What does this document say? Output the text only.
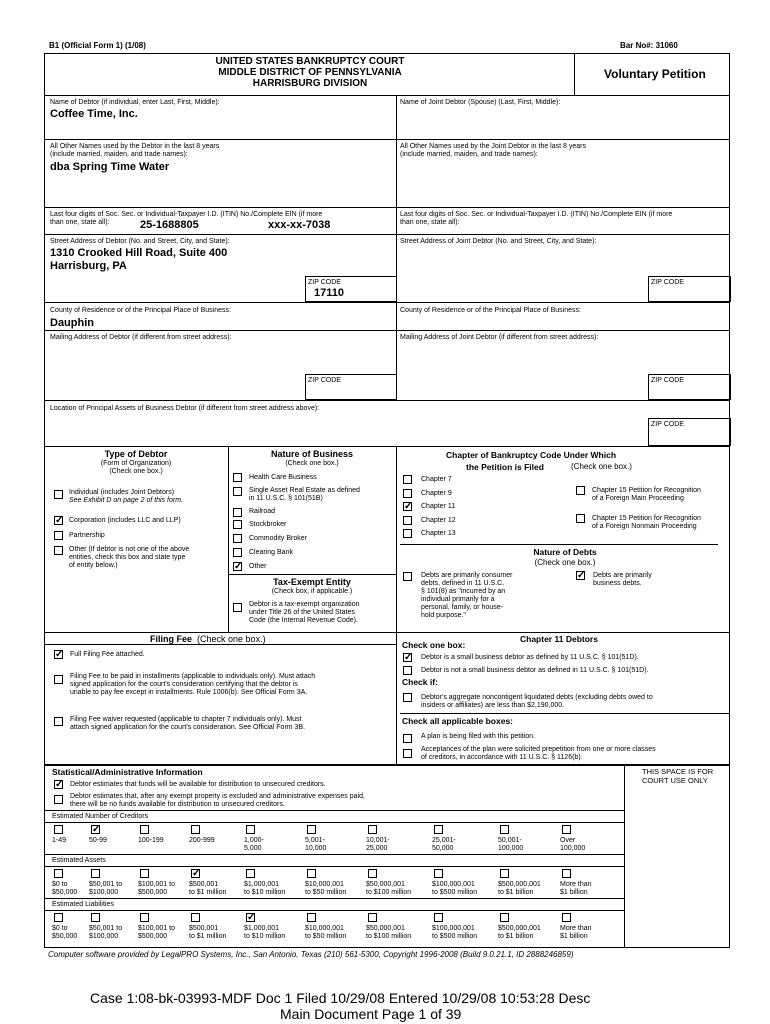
B1 (Official Form 1) (1/08)	Bar No#: 31060
UNITED STATES BANKRUPTCY COURT
MIDDLE DISTRICT OF PENNSYLVANIA
HARRISBURG DIVISION
Voluntary Petition
Name of Debtor (if individual, enter Last, First, Middle):
Coffee Time, Inc.
Name of Joint Debtor (Spouse) (Last, First, Middle):
All Other Names used by the Debtor in the last 8 years
(include married, maiden, and trade names):
dba Spring Time Water
All Other Names used by the Joint Debtor in the last 8 years
(include married, maiden, and trade names):
Last four digits of Soc. Sec. or Individual-Taxpayer I.D. (ITIN) No./Complete EIN (if more
than one, state all):	25-1688805	xxx-xx-7038
Last four digits of Soc. Sec. or Individual-Taxpayer I.D. (ITIN) No./Complete EIN (if more
than one, state all):
Street Address of Debtor (No. and Street, City, and State):
1310 Crooked Hill Road, Suite 400
Harrisburg, PA
Street Address of Joint Debtor (No. and Street, City, and State):
ZIP CODE
17110
ZIP CODE
County of Residence or of the Principal Place of Business:
Dauphin
County of Residence or of the Principal Place of Business:
Mailing Address of Debtor (if different from street address):	Mailing Address of Joint Debtor (if different from street address):
ZIP CODE	ZIP CODE
Location of Principal Assets of Business Debtor (if different from street address above):
ZIP CODE
Type of Debtor
(Form of Organization)
(Check one box.)
Individual (includes Joint Debtors)
See Exhibit D on page 2 of this form.
✓ Corporation (includes LLC and LLP)
Partnership
Other (If debtor is not one of the above
entities, check this box and state type
of entity below.)
Nature of Business
(Check one box.)
Health Care Business
Single Asset Real Estate as defined
in 11 U.S.C. § 101(51B)
Railroad
Stockbroker
Commodity Broker
Clearing Bank
✓ Other
Tax-Exempt Entity
(Check box, if applicable.)
Debtor is a tax-exempt organization
under Title 26 of the United States
Code (the Internal Revenue Code).
Chapter of Bankruptcy Code Under Which
the Petition is Filed	(Check one box.)
Chapter 7
Chapter 9
✓ Chapter 11
Chapter 12
Chapter 13
Chapter 15 Petition for Recognition
of a Foreign Main Proceeding
Chapter 15 Petition for Recognition
of a Foreign Nonmain Proceeding
Nature of Debts
(Check one box.)
Debts are primarily consumer
debts, defined in 11 U.S.C.
§ 101(8) as "incurred by an
individual primarily for a
personal, family, or house-
hold purpose."
✓ Debts are primarily
business debts.
Filing Fee (Check one box.)
✓ Full Filing Fee attached.
Filing Fee to be paid in installments (applicable to individuals only). Must attach
signed application for the court's consideration certifying that the debtor is
unable to pay fee except in installments. Rule 1006(b). See Official Form 3A.
Filing Fee waiver requested (applicable to chapter 7 individuals only). Must
attach signed application for the court's consideration. See Official Form 3B.
Chapter 11 Debtors
Check one box:
✓ Debtor is a small business debtor as defined by 11 U.S.C. § 101(51D).
Debtor is not a small business debtor as defined in 11 U.S.C. § 101(51D).
Check if:
Debtor's aggregate noncontigent liquidated debts (excluding debts owed to
insiders or affiliates) are less than $2,190,000.
Check all applicable boxes:
A plan is being filed with this petition.
Acceptances of the plan were solicited prepetition from one or more classes
of creditors, in accordance with 11 U.S.C. § 1126(b).
Statistical/Administrative Information	THIS SPACE IS FOR
COURT USE ONLY
✓ Debtor estimates that funds will be available for distribution to unsecured creditors.
Debtor estimates that, after any exempt property is excluded and administrative expenses paid,
there will be no funds available for distribution to unsecured creditors.
Estimated Number of Creditors
1-49
✓
50-99	100-199	200-999	1,000-
5,000
5,001-
10,000
10,001-
25,000
25,001-
50,000
50,001-
100,000
Over
100,000
Estimated Assets
$0 to
$50,000
$50,001 to
$100,000
$100,001 to
$500,000
✓
$500,001
to $1 million
$1,000,001
to $10 million
$10,000,001
to $50 million
$50,000,001
to $100 million
$100,000,001
to $500 million
$500,000,001
to $1 billion
More than
$1 billion
Estimated Liabilities
$0 to
$50,000
$50,001 to
$100,000
$100,001 to
$500,000
$500,001
to $1 million
✓
$1,000,001
to $10 million
$10,000,001
to $50 million
$50,000,001
to $100 million
$100,000,001
to $500 million
$500,000,001
to $1 billion
More than
$1 billion
Computer software provided by LegalPRO Systems, Inc., San Antonio, Texas (210) 561-5300, Copyright 1996-2008 (Build 9.0.21.1, ID 2888246859)
Case 1:08-bk-03993-MDF Doc 1 Filed 10/29/08 Entered 10/29/08 10:53:28 Desc
Main Document Page 1 of 39
